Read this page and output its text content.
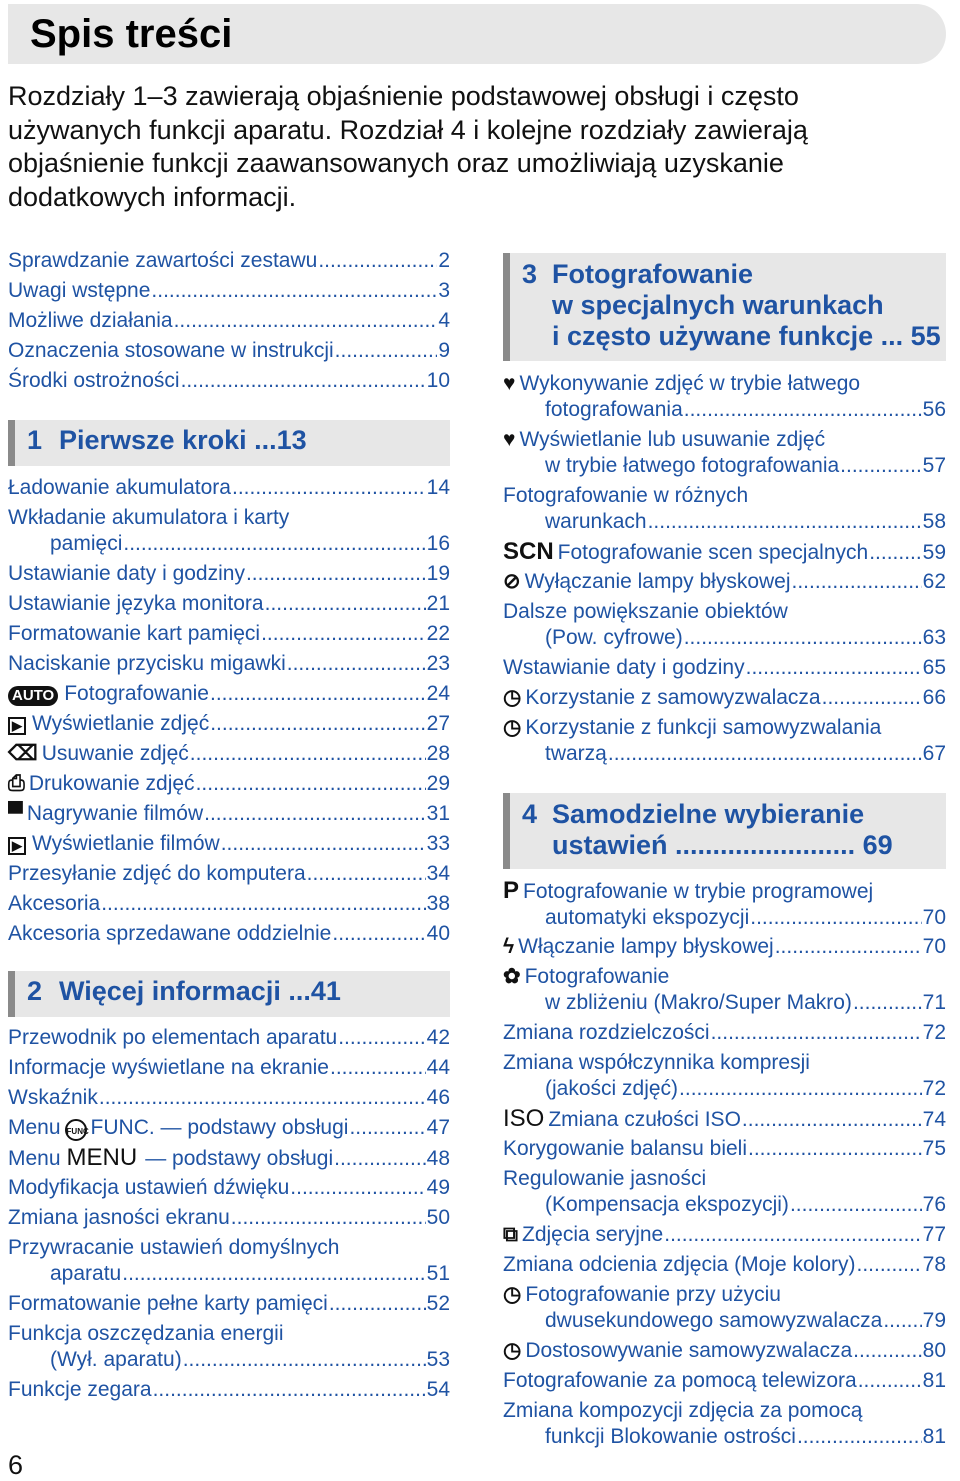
Spis treści
Rozdziały 1–3 zawierają objaśnienie podstawowej obsługi i często używanych funkcji aparatu. Rozdział 4 i kolejne rozdziały zawierają objaśnienie funkcji zaawansowanych oraz umożliwiają uzyskanie dodatkowych informacji.
Sprawdzanie zawartości zestawu .....	2
Uwagi wstępne .....	3
Możliwe działania .....	4
Oznaczenia stosowane w instrukcji .....	9
Środki ostrożności .....	10
Ładowanie akumulatora .....	14
Wkładanie akumulatora i karty
pamięci .....	16
Ustawianie daty i godziny .....	19
Ustawianie języka monitora .....	21
Formatowanie kart pamięci .....	22
Naciskanie przycisku migawki .....	23
AUTO Fotografowanie .....	24
▶ Wyświetlanie zdjęć .....	27
⌫ Usuwanie zdjęć .....	28
⎙ Drukowanie zdjęć .....	29
▀ Nagrywanie filmów .....	31
▶ Wyświetlanie filmów .....	33
Przesyłanie zdjęć do komputera .....	34
Akcesoria .....	38
Akcesoria sprzedawane oddzielnie .....	40
Przewodnik po elementach aparatu .....	42
Informacje wyświetlane na ekranie .....	44
Wskaźnik .....	46
Menu FUNC FUNC. — podstawy obsługi .....	47
Menu MENU — podstawy obsługi .....	48
Modyfikacja ustawień dźwięku .....	49
Zmiana jasności ekranu .....	50
Przywracanie ustawień domyślnych
aparatu .....	51
Formatowanie pełne karty pamięci .....	52
Funkcja oszczędzania energii
(Wył. aparatu) .....	53
Funkcje zegara .....	54
1 Pierwsze kroki ...13
2 Więcej informacji ...41
♥ Wykonywanie zdjęć w trybie łatwego
fotografowania .....	56
♥ Wyświetlanie lub usuwanie zdjęć
w trybie łatwego fotografowania .....	57
Fotografowanie w różnych
warunkach .....	58
SCN Fotografowanie scen specjalnych .....	59
⊘ Wyłączanie lampy błyskowej .....	62
Dalsze powiększanie obiektów
(Pow. cyfrowe) .....	63
Wstawianie daty i godziny .....	65
◷ Korzystanie z samowyzwalacza .....	66
◷ Korzystanie z funkcji samowyzwalania
twarzą .....	67
P Fotografowanie w trybie programowej
automatyki ekspozycji .....	70
ϟ Włączanie lampy błyskowej .....	70
✿ Fotografowanie
w zbliżeniu (Makro/Super Makro) .....	71
Zmiana rozdzielczości .....	72
Zmiana współczynnika kompresji
(jakości zdjęć) .....	72
ISO Zmiana czułości ISO .....	74
Korygowanie balansu bieli .....	75
Regulowanie jasności
(Kompensacja ekspozycji) .....	76
⧉ Zdjęcia seryjne .....	77
Zmiana odcienia zdjęcia (Moje kolory) .....	78
◷ Fotografowanie przy użyciu
dwusekundowego samowyzwalacza ..... 79
◷ Dostosowywanie samowyzwalacza .....	80
Fotografowanie za pomocą telewizora .....	81
Zmiana kompozycji zdjęcia za pomocą
funkcji Blokowanie ostrości .....	81
3 Fotografowanie
w specjalnych warunkach
i często używane funkcje ... 55
4 Samodzielne wybieranie
ustawień ........................ 69
6
